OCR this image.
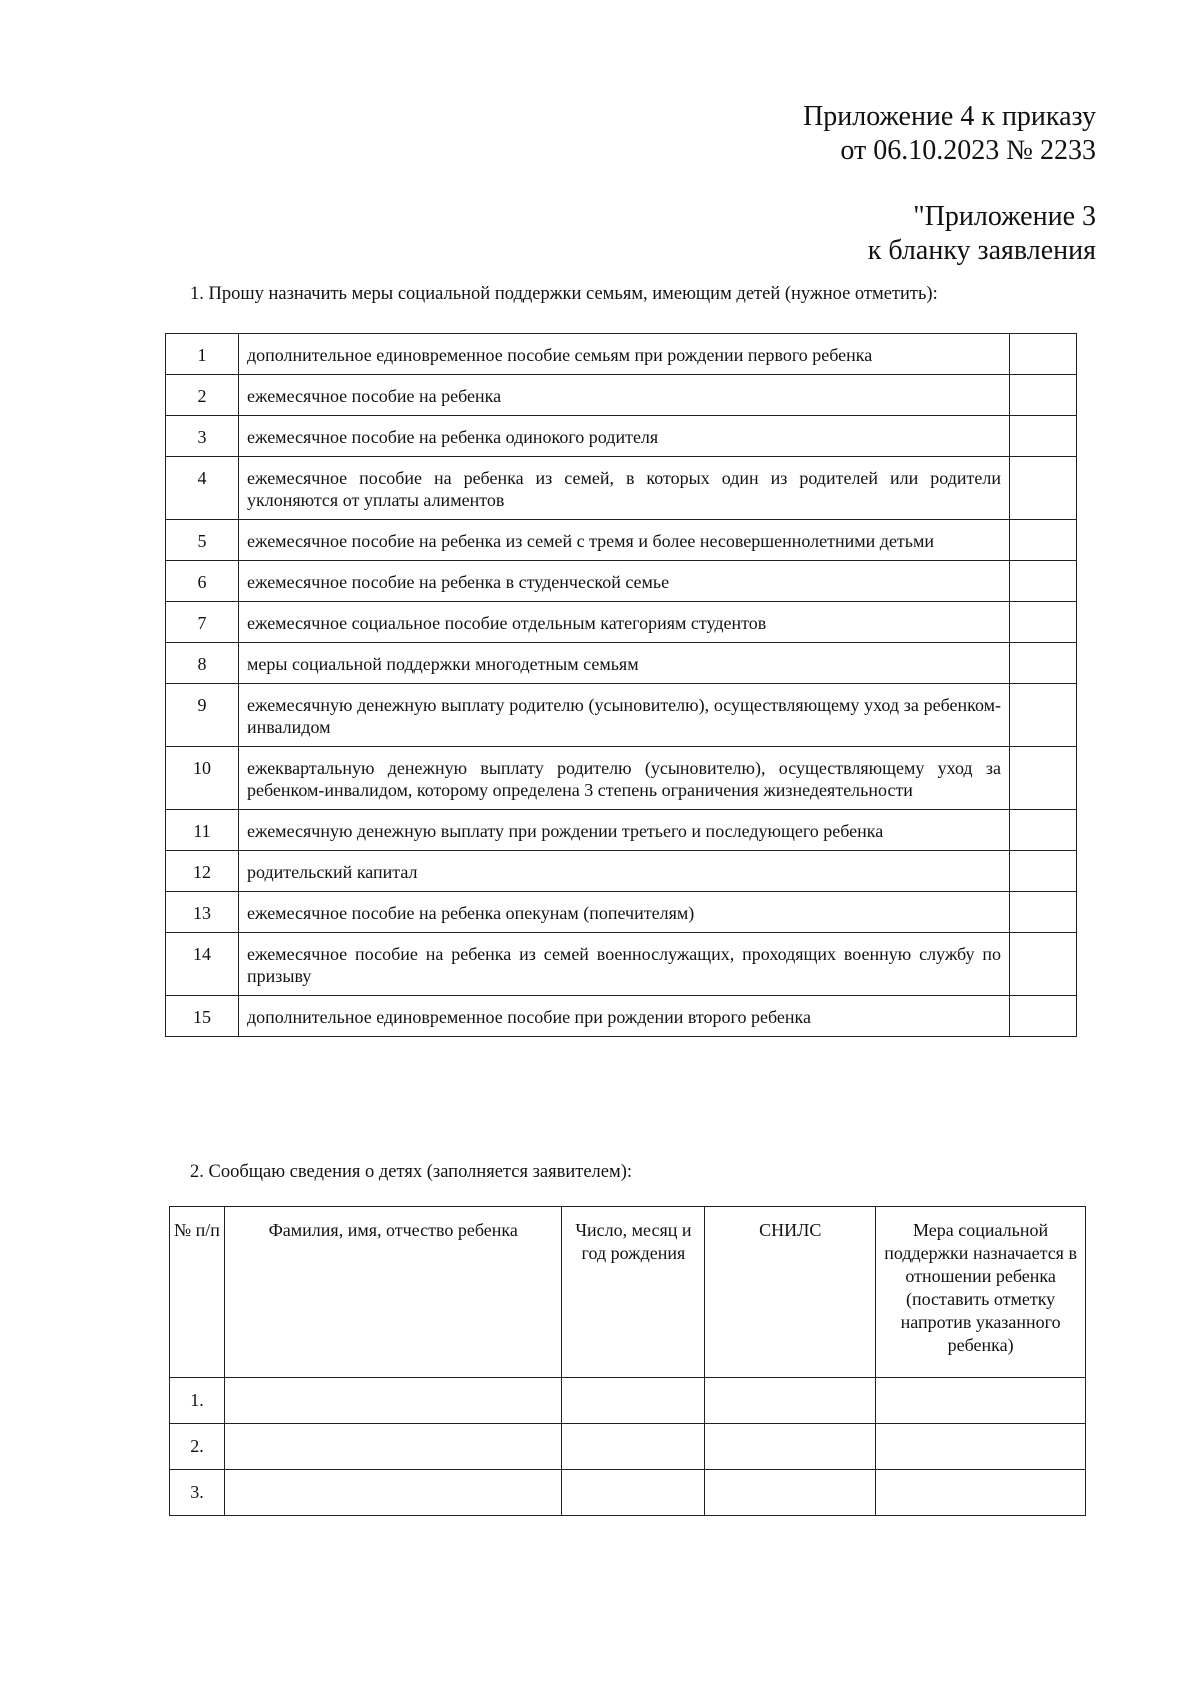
Приложение 4 к приказу
от 06.10.2023 № 2233
"Приложение 3
к бланку заявления
1. Прошу назначить меры социальной поддержки семьям, имеющим детей (нужное отметить):
1	дополнительное единовременное пособие семьям при рождении первого ребенка	
2	ежемесячное пособие на ребенка	
3	ежемесячное пособие на ребенка одинокого родителя	
4	ежемесячное пособие на ребенка из семей, в которых один из родителей или родители уклоняются от уплаты алиментов	
5	ежемесячное пособие на ребенка из семей с тремя и более несовершеннолетними детьми	
6	ежемесячное пособие на ребенка в студенческой семье	
7	ежемесячное социальное пособие отдельным категориям студентов	
8	меры социальной поддержки многодетным семьям	
9	ежемесячную денежную выплату родителю (усыновителю), осуществляющему уход за ребенком-инвалидом	
10	ежеквартальную денежную выплату родителю (усыновителю), осуществляющему уход за ребенком-инвалидом, которому определена 3 степень ограничения жизнедеятельности	
11	ежемесячную денежную выплату при рождении третьего и последующего ребенка	
12	родительский капитал	
13	ежемесячное пособие на ребенка опекунам (попечителям)	
14	ежемесячное пособие на ребенка из семей военнослужащих, проходящих военную службу по призыву	
15	дополнительное единовременное пособие при рождении второго ребенка	
2. Сообщаю сведения о детях (заполняется заявителем):
№ п/п	Фамилия, имя, отчество ребенка	Число, месяц и год рождения	СНИЛС	Мера социальной поддержки назначается в отношении ребенка (поставить отметку напротив указанного ребенка)
1.				
2.				
3.				
